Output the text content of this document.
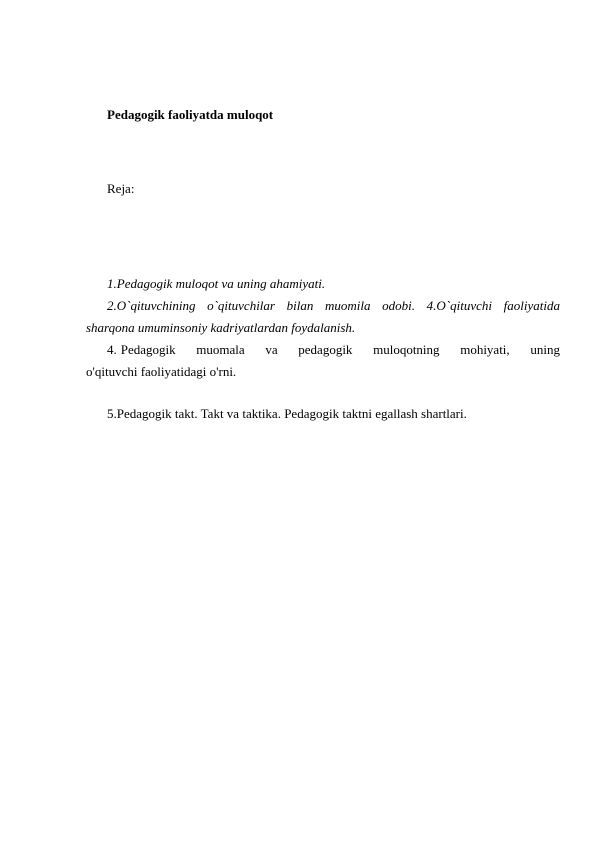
Pedagogik faoliyatda muloqot
Reja:

1.Pedagogik muloqot va uning ahamiyati.

2.O`qituvchining o`qituvchilar bilan muomila odobi. 4.O`qituvchi faoliyatida sharqona umuminsoniy kadriyatlardan foydalanish.

4. Pedagogik muomala va pedagogik muloqotning mohiyati, uning
o'qituvchi faoliyatidagi o'rni.

5.Pedagogik takt. Takt va taktika. Pedagogik taktni egallash shartlari.
